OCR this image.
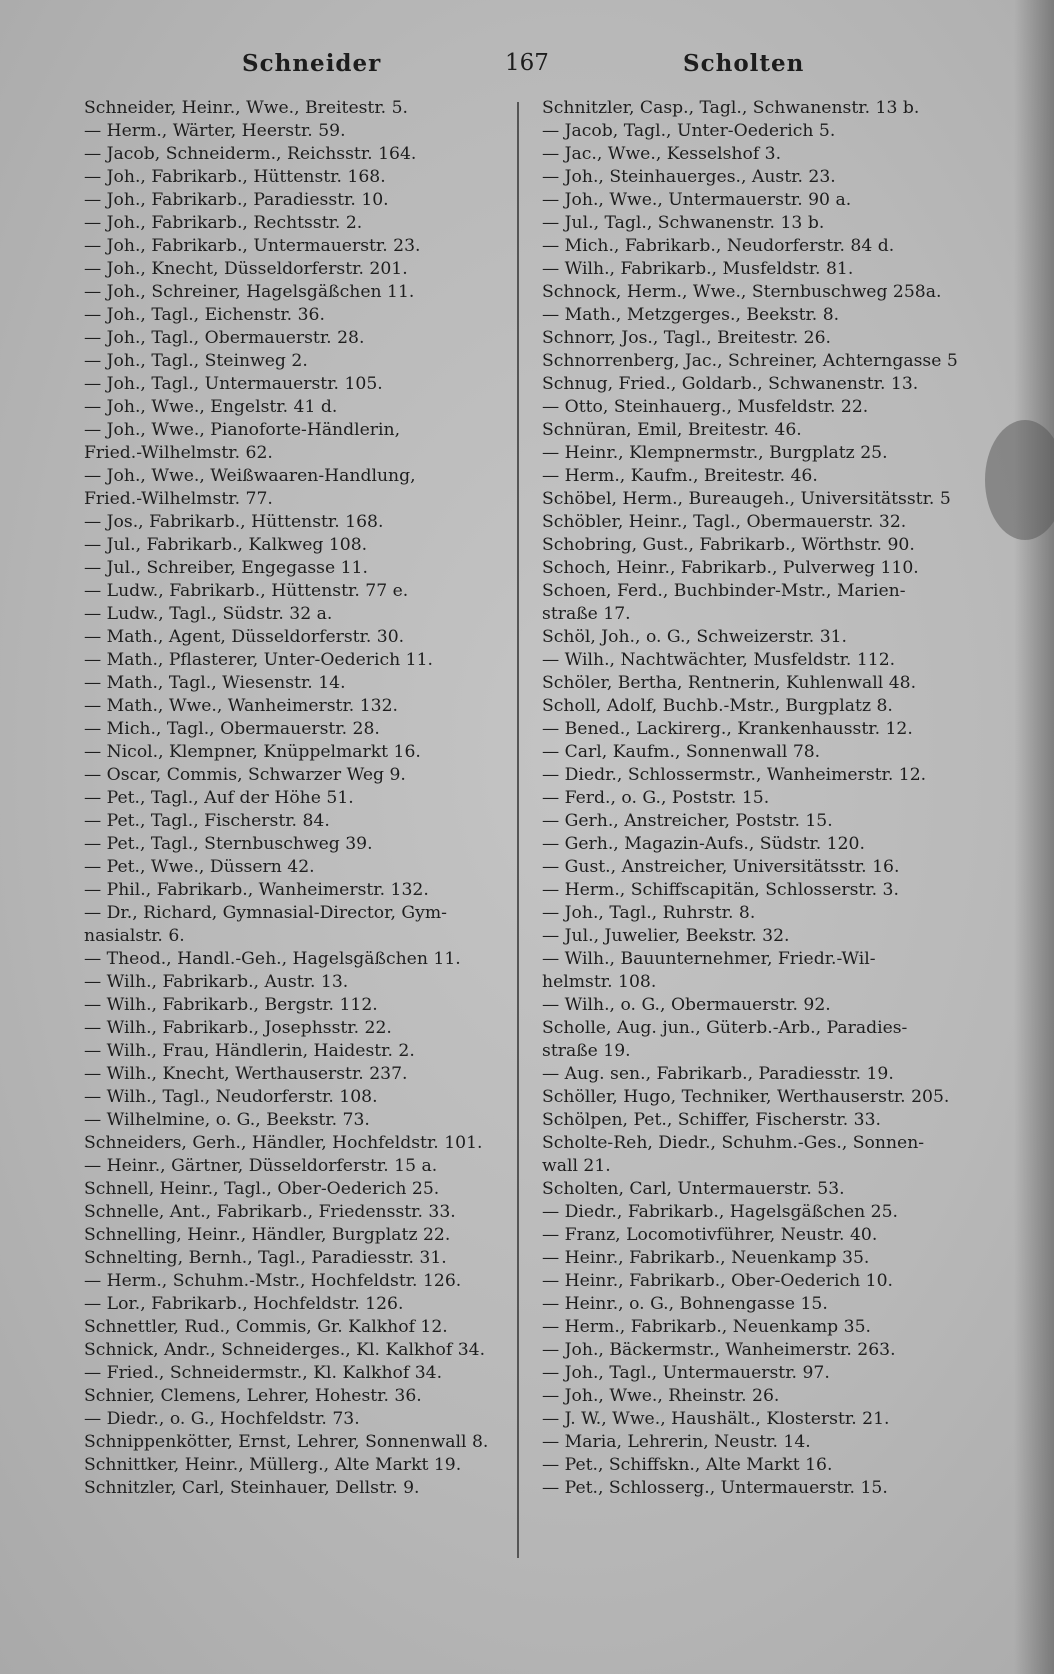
Schneider	167	Scholten
Schneider, Heinr., Wwe., Breitestr. 5.
— Herm., Wärter, Heerstr. 59.
— Jacob, Schneiderm., Reichsstr. 164.
— Joh., Fabrikarb., Hüttenstr. 168.
— Joh., Fabrikarb., Paradiesstr. 10.
— Joh., Fabrikarb., Rechtsstr. 2.
— Joh., Fabrikarb., Untermauerstr. 23.
— Joh., Knecht, Düsseldorferstr. 201.
— Joh., Schreiner, Hagelsgäßchen 11.
— Joh., Tagl., Eichenstr. 36.
— Joh., Tagl., Obermauerstr. 28.
— Joh., Tagl., Steinweg 2.
— Joh., Tagl., Untermauerstr. 105.
— Joh., Wwe., Engelstr. 41 d.
— Joh., Wwe., Pianoforte-Händlerin,
Fried.-Wilhelmstr. 62.
— Joh., Wwe., Weißwaaren-Handlung,
Fried.-Wilhelmstr. 77.
— Jos., Fabrikarb., Hüttenstr. 168.
— Jul., Fabrikarb., Kalkweg 108.
— Jul., Schreiber, Engegasse 11.
— Ludw., Fabrikarb., Hüttenstr. 77 e.
— Ludw., Tagl., Südstr. 32 a.
— Math., Agent, Düsseldorferstr. 30.
— Math., Pflasterer, Unter-Oederich 11.
— Math., Tagl., Wiesenstr. 14.
— Math., Wwe., Wanheimerstr. 132.
— Mich., Tagl., Obermauerstr. 28.
— Nicol., Klempner, Knüppelmarkt 16.
— Oscar, Commis, Schwarzer Weg 9.
— Pet., Tagl., Auf der Höhe 51.
— Pet., Tagl., Fischerstr. 84.
— Pet., Tagl., Sternbuschweg 39.
— Pet., Wwe., Düssern 42.
— Phil., Fabrikarb., Wanheimerstr. 132.
— Dr., Richard, Gymnasial-Director, Gym-
nasialstr. 6.
— Theod., Handl.-Geh., Hagelsgäßchen 11.
— Wilh., Fabrikarb., Austr. 13.
— Wilh., Fabrikarb., Bergstr. 112.
— Wilh., Fabrikarb., Josephsstr. 22.
— Wilh., Frau, Händlerin, Haidestr. 2.
— Wilh., Knecht, Werthauserstr. 237.
— Wilh., Tagl., Neudorferstr. 108.
— Wilhelmine, o. G., Beekstr. 73.
Schneiders, Gerh., Händler, Hochfeldstr. 101.
— Heinr., Gärtner, Düsseldorferstr. 15 a.
Schnell, Heinr., Tagl., Ober-Oederich 25.
Schnelle, Ant., Fabrikarb., Friedensstr. 33.
Schnelling, Heinr., Händler, Burgplatz 22.
Schnelting, Bernh., Tagl., Paradiesstr. 31.
— Herm., Schuhm.-Mstr., Hochfeldstr. 126.
— Lor., Fabrikarb., Hochfeldstr. 126.
Schnettler, Rud., Commis, Gr. Kalkhof 12.
Schnick, Andr., Schneiderges., Kl. Kalkhof 34.
— Fried., Schneidermstr., Kl. Kalkhof 34.
Schnier, Clemens, Lehrer, Hohestr. 36.
— Diedr., o. G., Hochfeldstr. 73.
Schnippenkötter, Ernst, Lehrer, Sonnenwall 8.
Schnittker, Heinr., Müllerg., Alte Markt 19.
Schnitzler, Carl, Steinhauer, Dellstr. 9.
Schnitzler, Casp., Tagl., Schwanenstr. 13 b.
— Jacob, Tagl., Unter-Oederich 5.
— Jac., Wwe., Kesselshof 3.
— Joh., Steinhauerges., Austr. 23.
— Joh., Wwe., Untermauerstr. 90 a.
— Jul., Tagl., Schwanenstr. 13 b.
— Mich., Fabrikarb., Neudorferstr. 84 d.
— Wilh., Fabrikarb., Musfeldstr. 81.
Schnock, Herm., Wwe., Sternbuschweg 258a.
— Math., Metzgerges., Beekstr. 8.
Schnorr, Jos., Tagl., Breitestr. 26.
Schnorrenberg, Jac., Schreiner, Achterngasse 5
Schnug, Fried., Goldarb., Schwanenstr. 13.
— Otto, Steinhauerg., Musfeldstr. 22.
Schnüran, Emil, Breitestr. 46.
— Heinr., Klempnermstr., Burgplatz 25.
— Herm., Kaufm., Breitestr. 46.
Schöbel, Herm., Bureaugeh., Universitätsstr. 5
Schöbler, Heinr., Tagl., Obermauerstr. 32.
Schobring, Gust., Fabrikarb., Wörthstr. 90.
Schoch, Heinr., Fabrikarb., Pulverweg 110.
Schoen, Ferd., Buchbinder-Mstr., Marien-
straße 17.
Schöl, Joh., o. G., Schweizerstr. 31.
— Wilh., Nachtwächter, Musfeldstr. 112.
Schöler, Bertha, Rentnerin, Kuhlenwall 48.
Scholl, Adolf, Buchb.-Mstr., Burgplatz 8.
— Bened., Lackirerg., Krankenhausstr. 12.
— Carl, Kaufm., Sonnenwall 78.
— Diedr., Schlossermstr., Wanheimerstr. 12.
— Ferd., o. G., Poststr. 15.
— Gerh., Anstreicher, Poststr. 15.
— Gerh., Magazin-Aufs., Südstr. 120.
— Gust., Anstreicher, Universitätsstr. 16.
— Herm., Schiffscapitän, Schlosserstr. 3.
— Joh., Tagl., Ruhrstr. 8.
— Jul., Juwelier, Beekstr. 32.
— Wilh., Bauunternehmer, Friedr.-Wil-
helmstr. 108.
— Wilh., o. G., Obermauerstr. 92.
Scholle, Aug. jun., Güterb.-Arb., Paradies-
straße 19.
— Aug. sen., Fabrikarb., Paradiesstr. 19.
Schöller, Hugo, Techniker, Werthauserstr. 205.
Schölpen, Pet., Schiffer, Fischerstr. 33.
Scholte-Reh, Diedr., Schuhm.-Ges., Sonnen-
wall 21.
Scholten, Carl, Untermauerstr. 53.
— Diedr., Fabrikarb., Hagelsgäßchen 25.
— Franz, Locomotivführer, Neustr. 40.
— Heinr., Fabrikarb., Neuenkamp 35.
— Heinr., Fabrikarb., Ober-Oederich 10.
— Heinr., o. G., Bohnengasse 15.
— Herm., Fabrikarb., Neuenkamp 35.
— Joh., Bäckermstr., Wanheimerstr. 263.
— Joh., Tagl., Untermauerstr. 97.
— Joh., Wwe., Rheinstr. 26.
— J. W., Wwe., Haushält., Klosterstr. 21.
— Maria, Lehrerin, Neustr. 14.
— Pet., Schiffskn., Alte Markt 16.
— Pet., Schlosserg., Untermauerstr. 15.
